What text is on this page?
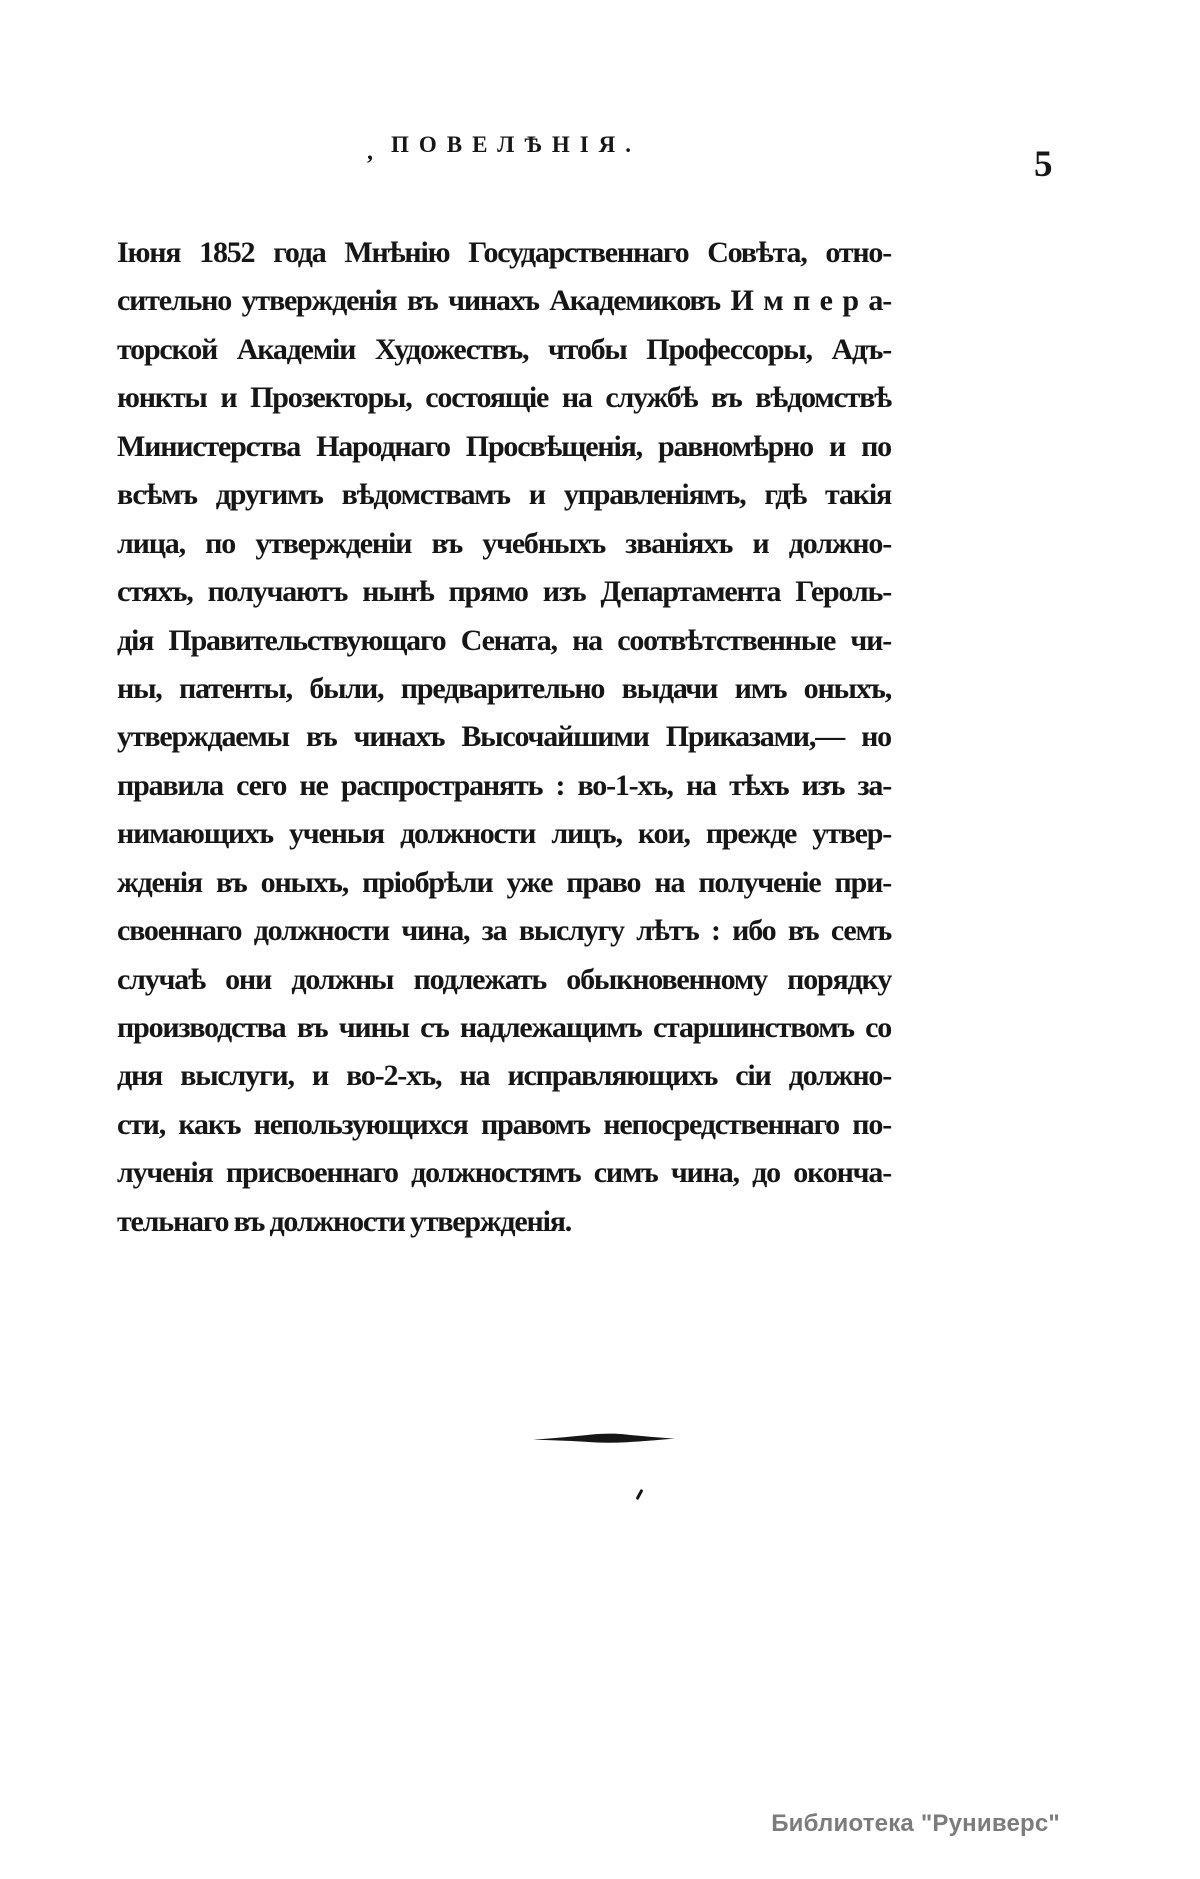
, ПОВЕЛѢНІЯ.	5
Іюня 1852 года Мнѣнію Государственнаго Совѣта, отно-
сительно утвержденія въ чинахъ Академиковъ И м п е р а-
торской Академіи Художествъ, чтобы Профессоры, Адъ-
юнкты и Прозекторы, состоящіе на службѣ въ вѣдомствѣ
Министерства Народнаго Просвѣщенія, равномѣрно и по
всѣмъ другимъ вѣдомствамъ и управленіямъ, гдѣ такія
лица, по утвержденіи въ учебныхъ званіяхъ и должно-
стяхъ, получаютъ нынѣ прямо изъ Департамента Героль-
дія Правительствующаго Сената, на соотвѣтственные чи-
ны, патенты, были, предварительно выдачи имъ оныхъ,
утверждаемы въ чинахъ Высочайшими Приказами,— но
правила сего не распространять : во-1-хъ, на тѣхъ изъ за-
нимающихъ ученыя должности лицъ, кои, прежде утвер-
жденія въ оныхъ, пріобрѣли уже право на полученіе при-
своеннаго должности чина, за выслугу лѣтъ : ибо въ семъ
случаѣ они должны подлежать обыкновенному порядку
производства въ чины съ надлежащимъ старшинствомъ со
дня выслуги, и во-2-хъ, на исправляющихъ сіи должно-
сти, какъ непользующихся правомъ непосредственнаго по-
лученія присвоеннаго должностямъ симъ чина, до оконча-
тельнаго въ должности утвержденія.
Библиотека "Руниверс"
